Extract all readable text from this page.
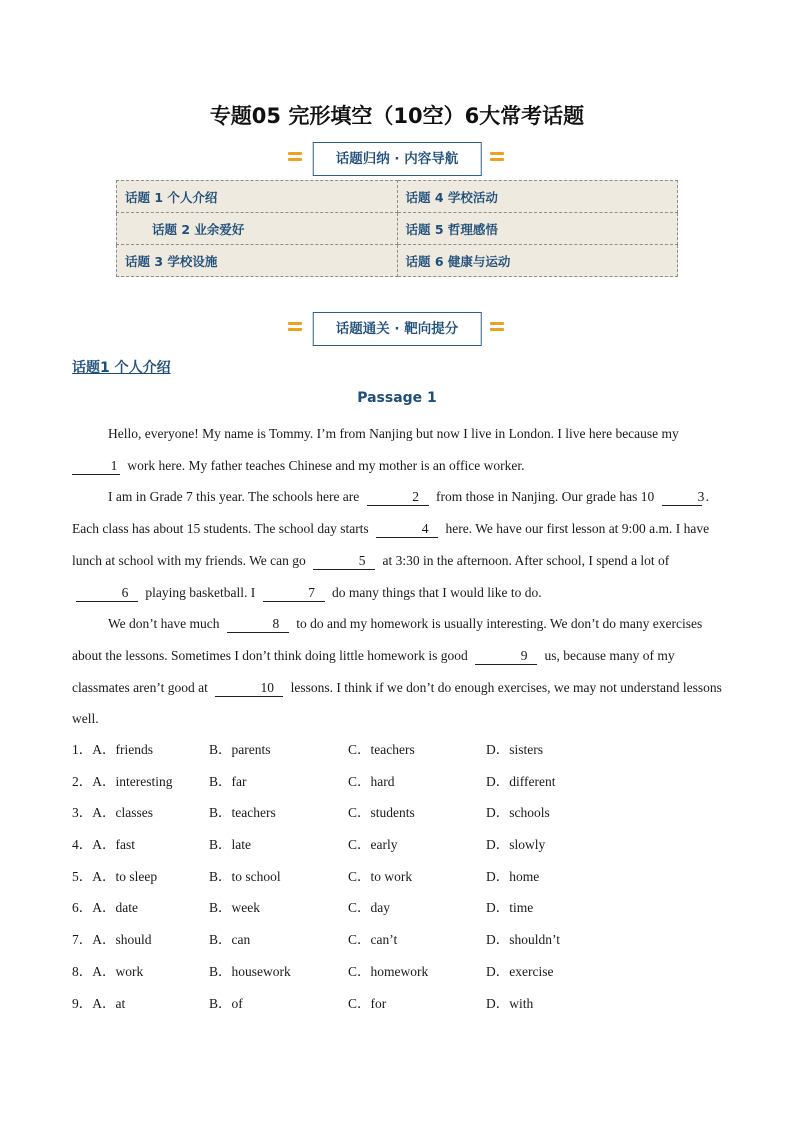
专题05 完形填空（10空）6大常考话题
话题归纳 · 内容导航
话题 1 个人介绍	话题 4 学校活动
话题 2 业余爱好	话题 5 哲理感悟
话题 3 学校设施	话题 6 健康与运动
话题通关 · 靶向提分
话题1 个人介绍
Passage 1

Hello, everyone! My name is Tommy. I’m from Nanjing but now I live in London. I live here because my 1 work here. My father teaches Chinese and my mother is an office worker.

I am in Grade 7 this year. The schools here are	2 from those in Nanjing. Our grade has 10	3. Each class has about 15 students. The school day starts	4 here. We have our first lesson at 9:00 a.m. I have lunch at school with my friends. We can go	5 at 3:30 in the afternoon. After school, I spend a lot of 6 playing basketball. I	7 do many things that I would like to do.

We don’t have much	8 to do and my homework is usually interesting. We don’t do many exercises about the lessons. Sometimes I don’t think doing little homework is good	9 us, because many of my classmates aren’t good at	10 lessons. I think if we don’t do enough exercises, we may not understand lessons well.

1．A．friends	B．parents	C．teachers	D．sisters
2．A．interesting	B．far	C．hard	D．different
3．A．classes	B．teachers	C．students	D．schools
4．A．fast	B．late	C．early	D．slowly
5．A．to sleep	B．to school	C．to work	D．home
6．A．date	B．week	C．day	D．time
7．A．should	B．can	C．can’t	D．shouldn’t
8．A．work	B．housework	C．homework	D．exercise
9．A．at	B．of	C．for	D．with
